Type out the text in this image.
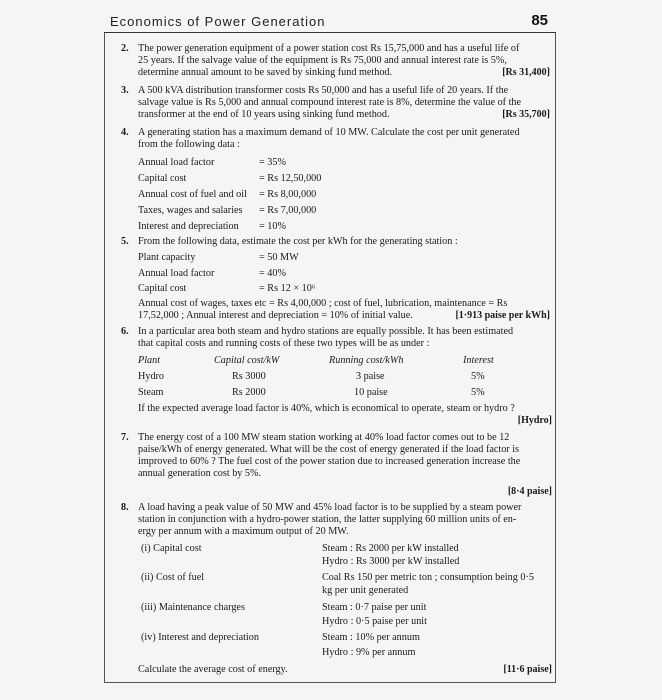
Economics of Power Generation	85
2. The power generation equipment of a power station cost Rs 15,75,000 and has a useful life of
25 years. If the salvage value of the equipment is Rs 75,000 and annual interest rate is 5%,
determine annual amount to be saved by sinking fund method.	[Rs 31,400]
3. A 500 kVA distribution transformer costs Rs 50,000 and has a useful life of 20 years. If the
salvage value is Rs 5,000 and annual compound interest rate is 8%, determine the value of the
transformer at the end of 10 years using sinking fund method.	[Rs 35,700]
4. A generating station has a maximum demand of 10 MW. Calculate the cost per unit generated
from the following data :
Annual load factor	= 35%
Capital cost	= Rs 12,50,000
Annual cost of fuel and oil = Rs 8,00,000
Taxes, wages and salaries = Rs 7,00,000
Interest and depreciation = 10%
5. From the following data, estimate the cost per kWh for the generating station :
Plant capacity	= 50 MW
Annual load factor	= 40%
Capital cost	= Rs 12 × 10⁶
Annual cost of wages, taxes etc = Rs 4,00,000 ; cost of fuel, lubrication, maintenance = Rs
17,52,000 ; Annual interest and depreciation = 10% of initial value.	[1·913 paise per kWh]
6. In a particular area both steam and hydro stations are equally possible. It has been estimated
that capital costs and running costs of these two types will be as under :
Plant	Capital cost/kW	Running cost/kWh	Interest
Hydro	Rs 3000	3 paise	5%
Steam	Rs 2000	10 paise	5%
If the expected average load factor is 40%, which is economical to operate, steam or hydro ?
[Hydro]
7. The energy cost of a 100 MW steam station working at 40% load factor comes out to be 12
paise/kWh of energy generated. What will be the cost of energy generated if the load factor is
improved to 60% ? The fuel cost of the power station due to increased generation increase the
annual generation cost by 5%.
[8·4 paise]
8. A load having a peak value of 50 MW and 45% load factor is to be supplied by a steam power
station in conjunction with a hydro-power station, the latter supplying 60 million units of en-
ergy per annum with a maximum output of 20 MW.
(i) Capital cost	Steam : Rs 2000 per kW installed
Hydro : Rs 3000 per kW installed
(ii) Cost of fuel	Coal Rs 150 per metric ton ; consumption being 0·5
kg per unit generated
(iii) Maintenance charges	Steam : 0·7 paise per unit
Hydro : 0·5 paise per unit
(iv) Interest and depreciation	Steam : 10% per annum
Hydro : 9% per annum
Calculate the average cost of energy.	[11·6 paise]
